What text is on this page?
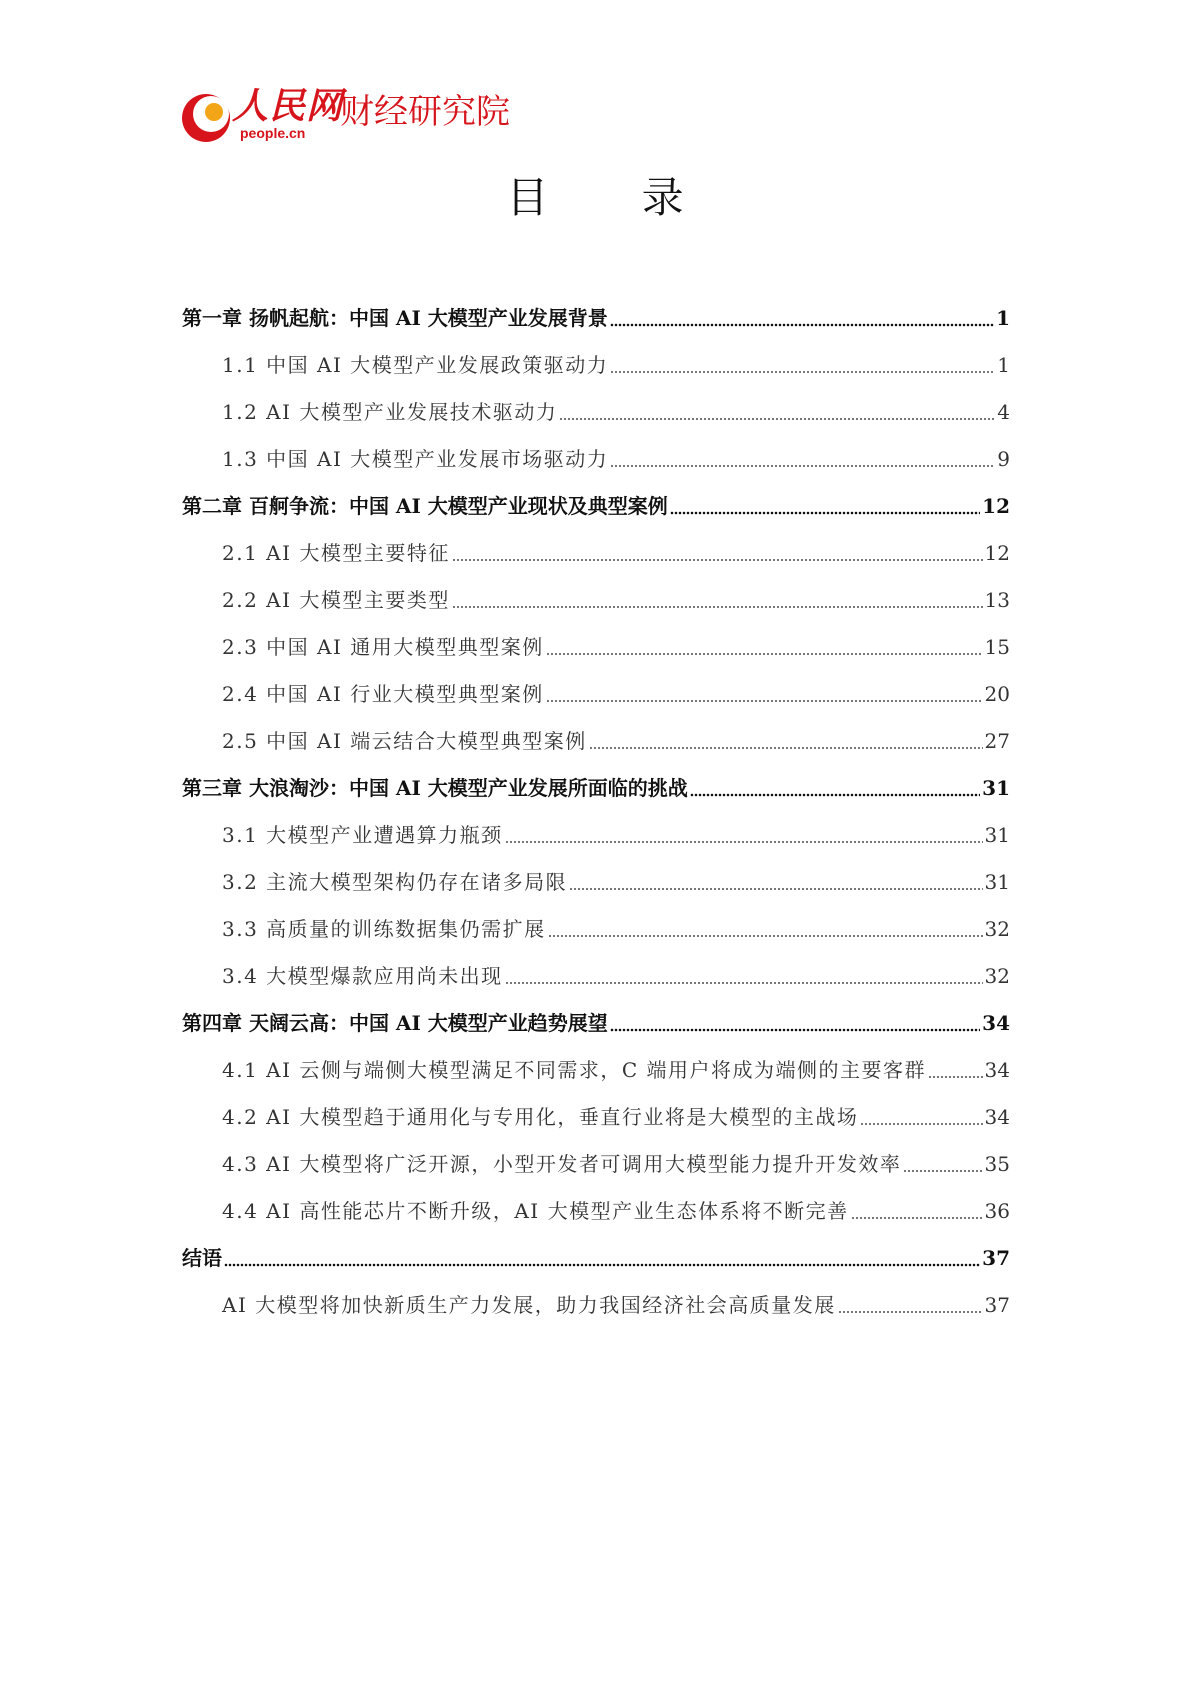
人民网
people.cn
财经研究院
目 录
第一章 扬帆起航：中国 AI 大模型产业发展背景	1
1.1 中国 AI 大模型产业发展政策驱动力	1
1.2 AI 大模型产业发展技术驱动力	4
1.3 中国 AI 大模型产业发展市场驱动力	9
第二章 百舸争流：中国 AI 大模型产业现状及典型案例	12
2.1 AI 大模型主要特征	12
2.2 AI 大模型主要类型	13
2.3 中国 AI 通用大模型典型案例	15
2.4 中国 AI 行业大模型典型案例	20
2.5 中国 AI 端云结合大模型典型案例	27
第三章 大浪淘沙：中国 AI 大模型产业发展所面临的挑战	31
3.1 大模型产业遭遇算力瓶颈	31
3.2 主流大模型架构仍存在诸多局限	31
3.3 高质量的训练数据集仍需扩展	32
3.4 大模型爆款应用尚未出现	32
第四章 天阔云高：中国 AI 大模型产业趋势展望	34
4.1 AI 云侧与端侧大模型满足不同需求，C 端用户将成为端侧的主要客群	34
4.2 AI 大模型趋于通用化与专用化，垂直行业将是大模型的主战场	34
4.3 AI 大模型将广泛开源，小型开发者可调用大模型能力提升开发效率	35
4.4 AI 高性能芯片不断升级，AI 大模型产业生态体系将不断完善	36
结语	37
AI 大模型将加快新质生产力发展，助力我国经济社会高质量发展	37
